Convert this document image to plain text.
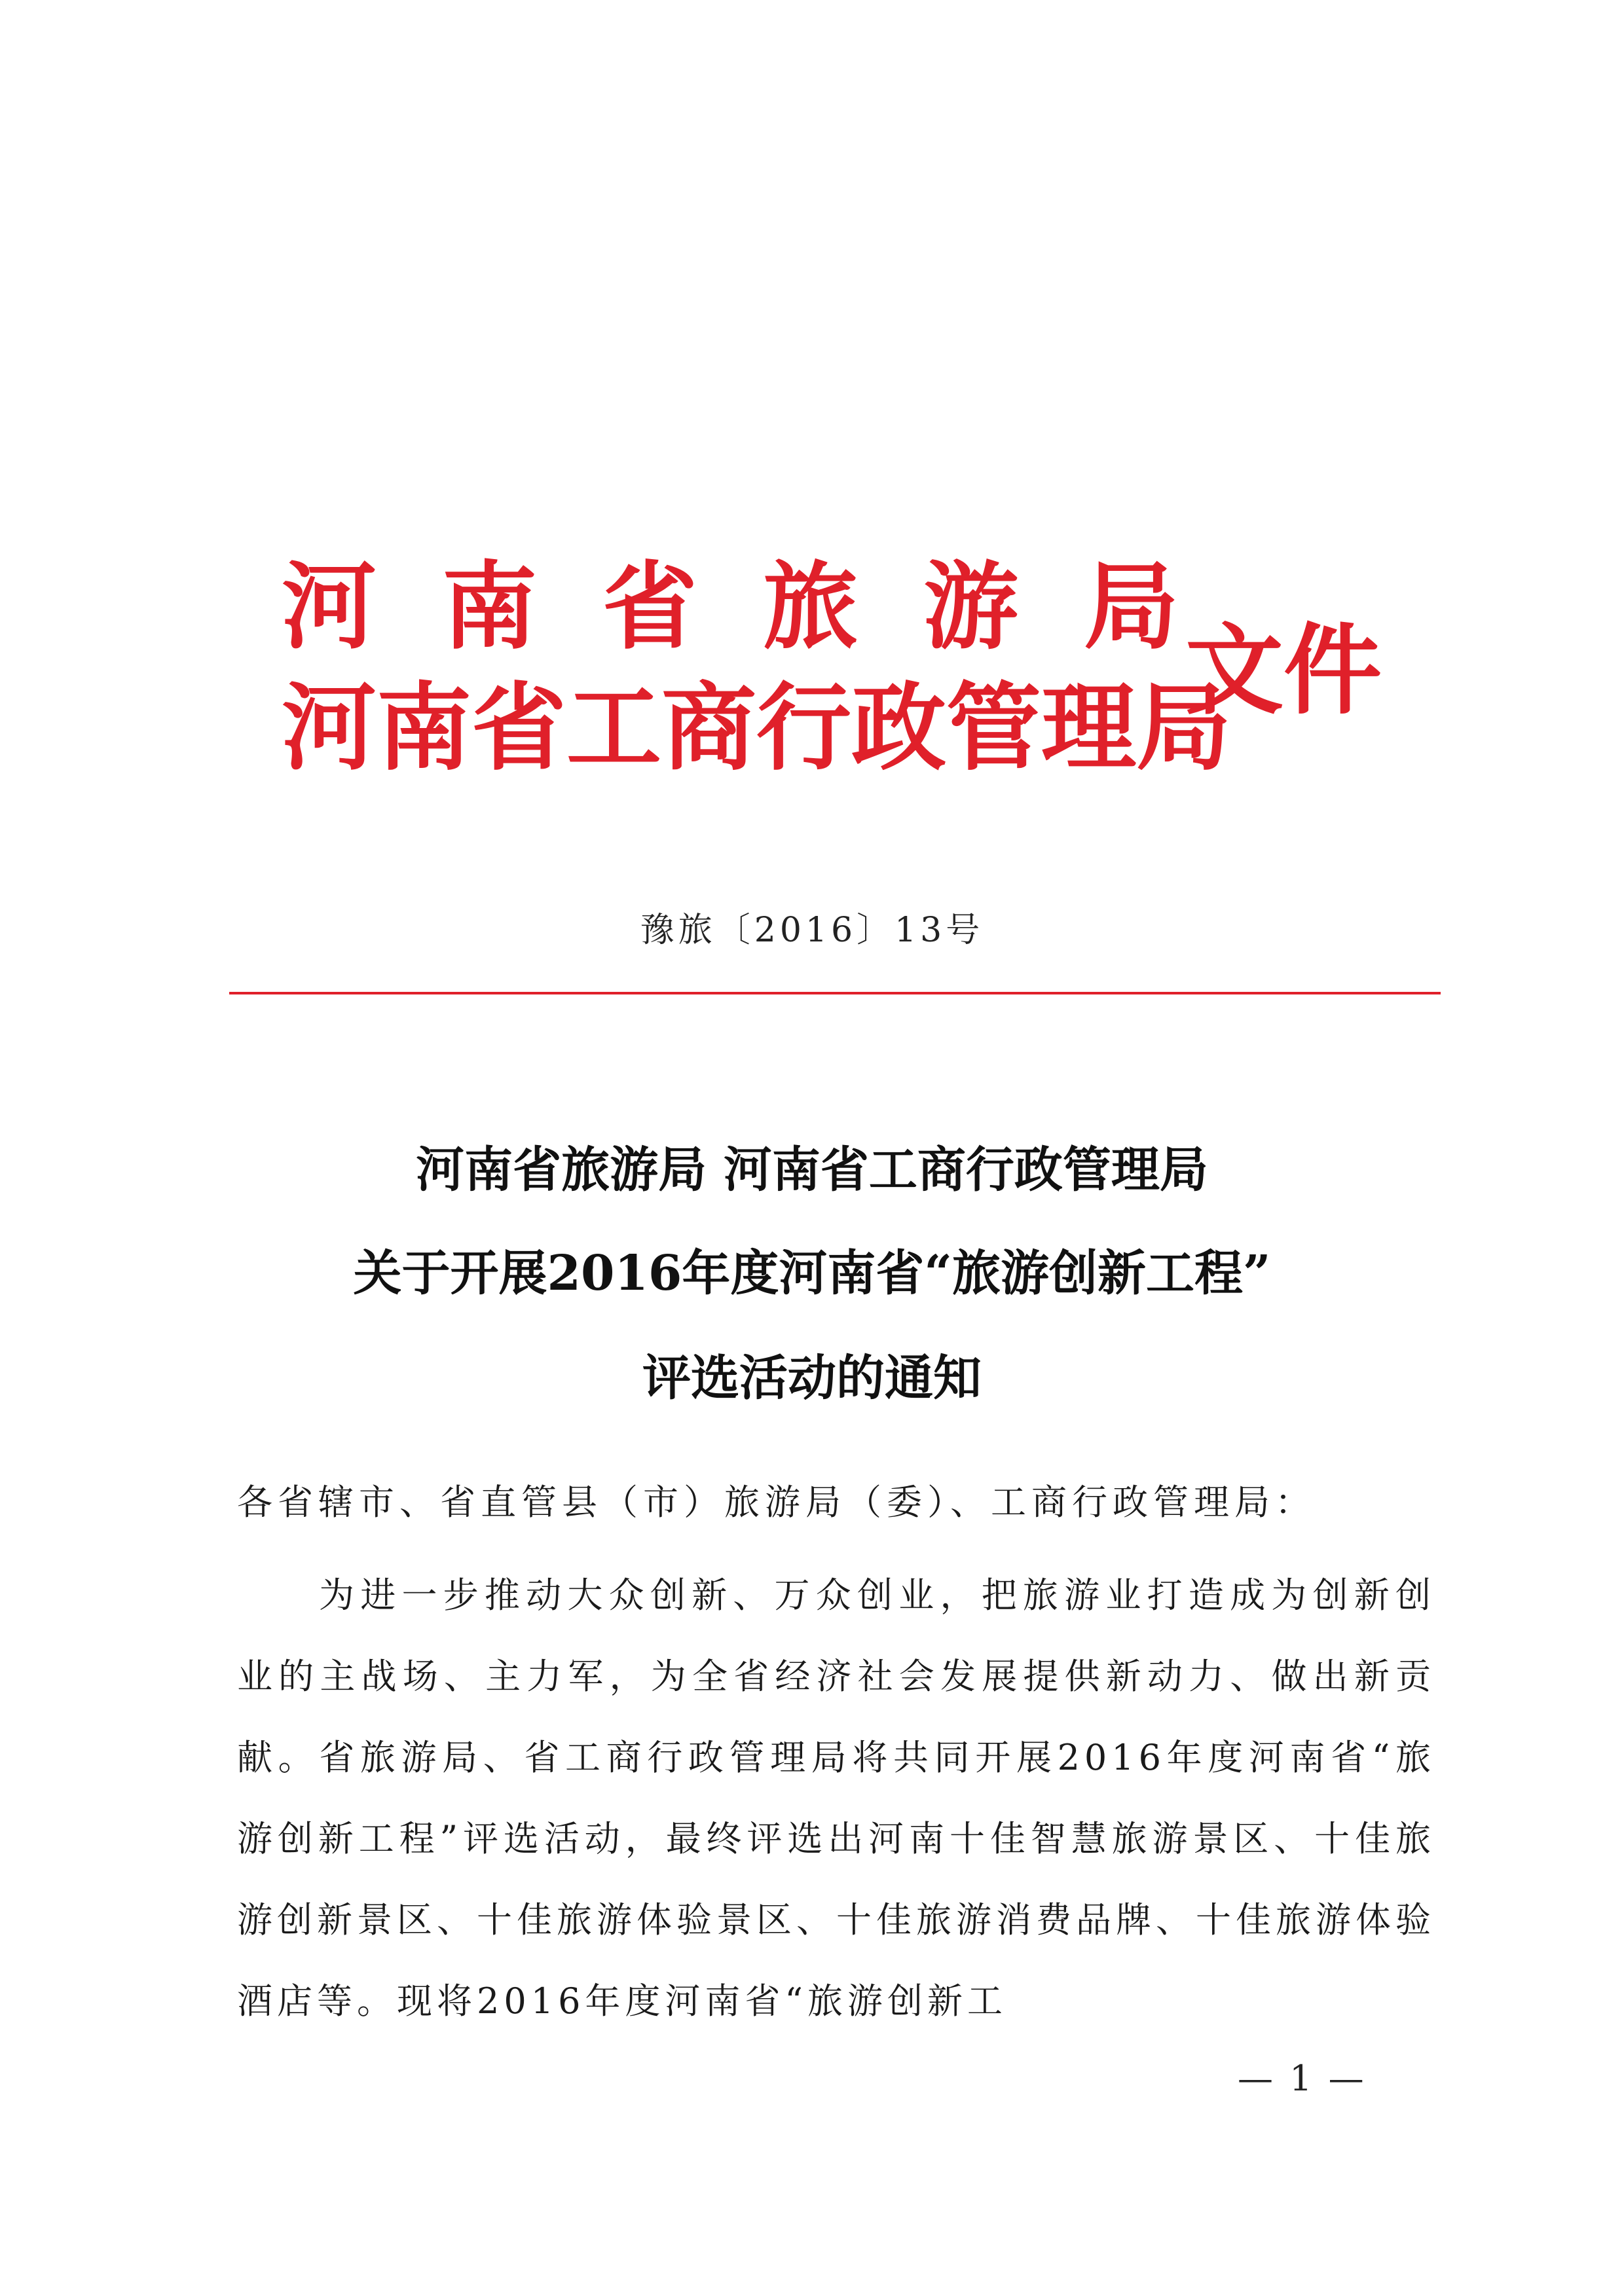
河南省旅游局
河南省工商行政管理局
文件
豫旅〔2016〕13号
河南省旅游局 河南省工商行政管理局
关于开展2016年度河南省“旅游创新工程”
评选活动的通知
各省辖市、省直管县（市）旅游局（委）、工商行政管理局：
为进一步推动大众创新、万众创业，把旅游业打造成为创新创业的主战场、主力军，为全省经济社会发展提供新动力、做出新贡献。省旅游局、省工商行政管理局将共同开展2016年度河南省“旅游创新工程”评选活动，最终评选出河南十佳智慧旅游景区、十佳旅游创新景区、十佳旅游体验景区、十佳旅游消费品牌、十佳旅游体验酒店等。现将2016年度河南省“旅游创新工
— 1 —
